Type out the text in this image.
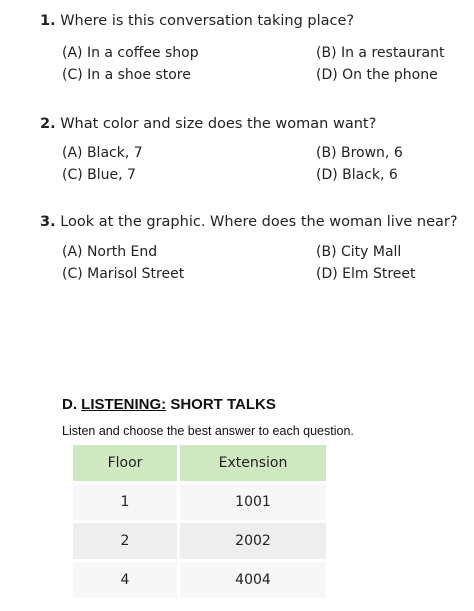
1. Where is this conversation taking place?
(A) In a coffee shop	(B) In a restaurant
(C) In a shoe store	(D) On the phone
2. What color and size does the woman want?
(A) Black, 7	(B) Brown, 6
(C) Blue, 7	(D) Black, 6
3. Look at the graphic. Where does the woman live near?
(A) North End	(B) City Mall
(C) Marisol Street	(D) Elm Street
D. LISTENING: SHORT TALKS
Listen and choose the best answer to each question.
Floor	Extension
1	1001
2	2002
4	4004
